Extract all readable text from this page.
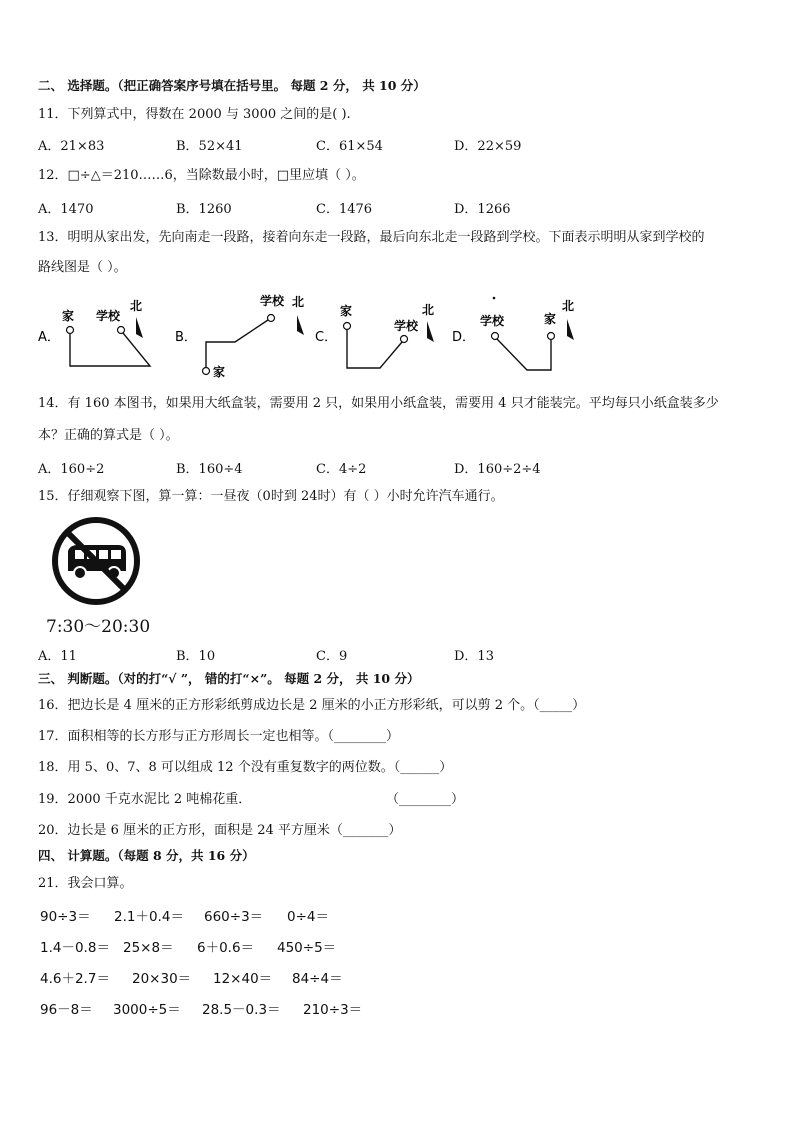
二、 选择题。（把正确答案序号填在括号里。 每题 2 分， 共 10 分）
11．下列算式中，得数在 2000 与 3000 之间的是( ).
A．21×83	B．52×41	C．61×54	D．22×59
12．□÷△＝210……6，当除数最小时，□里应填（ ）。
A．1470	B．1260	C．1476	D．1266
13．明明从家出发，先向南走一段路，接着向东走一段路，最后向东北走一段路到学校。下面表示明明从家到学校的
路线图是（ ）。
A．
家 学校
北
B．
学校
家
北
C．
家
学校
北
D．
学校	家
北
14．有 160 本图书，如果用大纸盒装，需要用 2 只，如果用小纸盒装，需要用 4 只才能装完。平均每只小纸盒装多少
本？正确的算式是（ ）。
A．160÷2	B．160÷4	C．4÷2	D．160÷2÷4
15．仔细观察下图，算一算：一昼夜（0时到 24时）有（ ）小时允许汽车通行。
7:30～20:30
A．11	B．10	C．9	D．13
三、 判断题。（对的打“√ ”， 错的打“×”。 每题 2 分， 共 10 分）
16．把边长是 4 厘米的正方形彩纸剪成边长是 2 厘米的小正方形彩纸，可以剪 2 个。（_____）
17．面积相等的长方形与正方形周长一定也相等。（________）
18．用 5、0、7、8 可以组成 12 个没有重复数字的两位数。（______）
19．2000 千克水泥比 2 吨棉花重．	（________）
20．边长是 6 厘米的正方形，面积是 24 平方厘米（_______）
四、 计算题。（每题 8 分，共 16 分）
21．我会口算。
90÷3＝ 2.1＋0.4＝ 660÷3＝ 0÷4＝
1.4－0.8＝ 25×8＝ 6＋0.6＝ 450÷5＝
4.6＋2.7＝ 20×30＝ 12×40＝ 84÷4＝
96－8＝ 3000÷5＝ 28.5－0.3＝ 210÷3＝
